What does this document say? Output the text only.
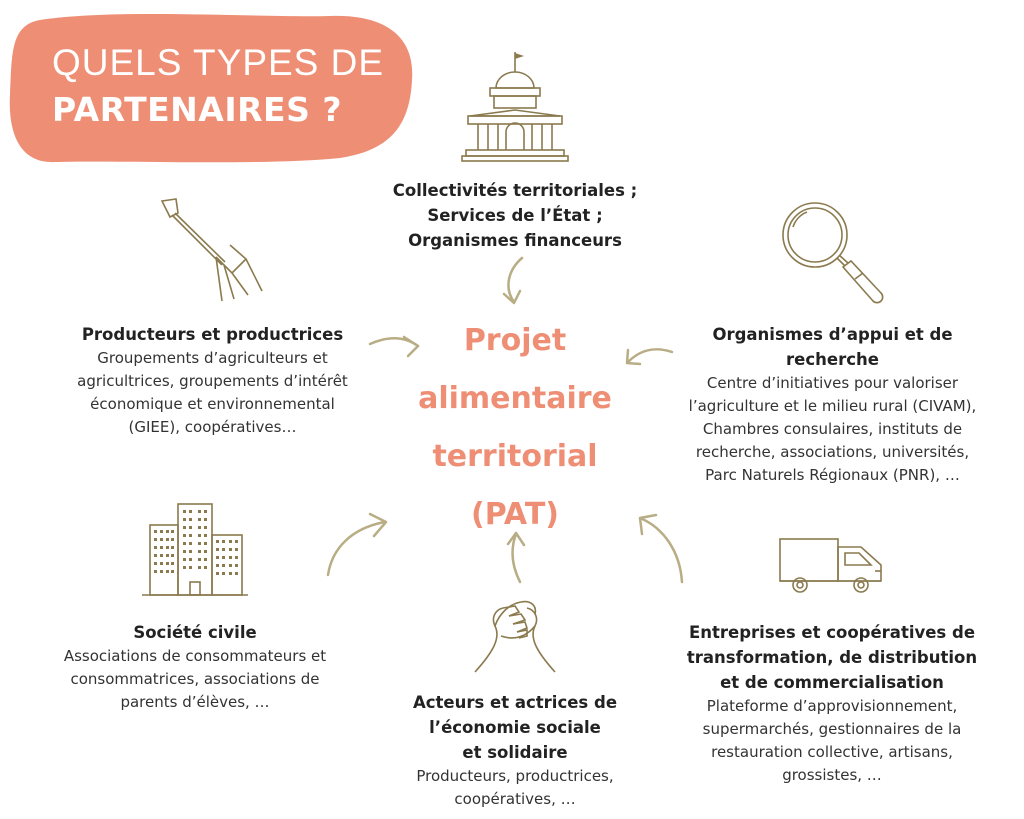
QUELS TYPES DE
PARTENAIRES ?
Projet
alimentaire
territorial
(PAT)
Collectivités territoriales ;
Services de l’État ;
Organismes financeurs
Producteurs et productrices
Groupements d’agriculteurs et
agricultrices, groupements d’intérêt
économique et environnemental
(GIEE), coopératives…
Organismes d’appui et de
recherche
Centre d’initiatives pour valoriser
l’agriculture et le milieu rural (CIVAM),
Chambres consulaires, instituts de
recherche, associations, universités,
Parc Naturels Régionaux (PNR), …
Société civile
Associations de consommateurs et
consommatrices, associations de
parents d’élèves, …	Acteurs et actrices de
l’économie sociale
et solidaire
Producteurs, productrices,
coopératives, …
Entreprises et coopératives de
transformation, de distribution
et de commercialisation
Plateforme d’approvisionnement,
supermarchés, gestionnaires de la
restauration collective, artisans,
grossistes, …
